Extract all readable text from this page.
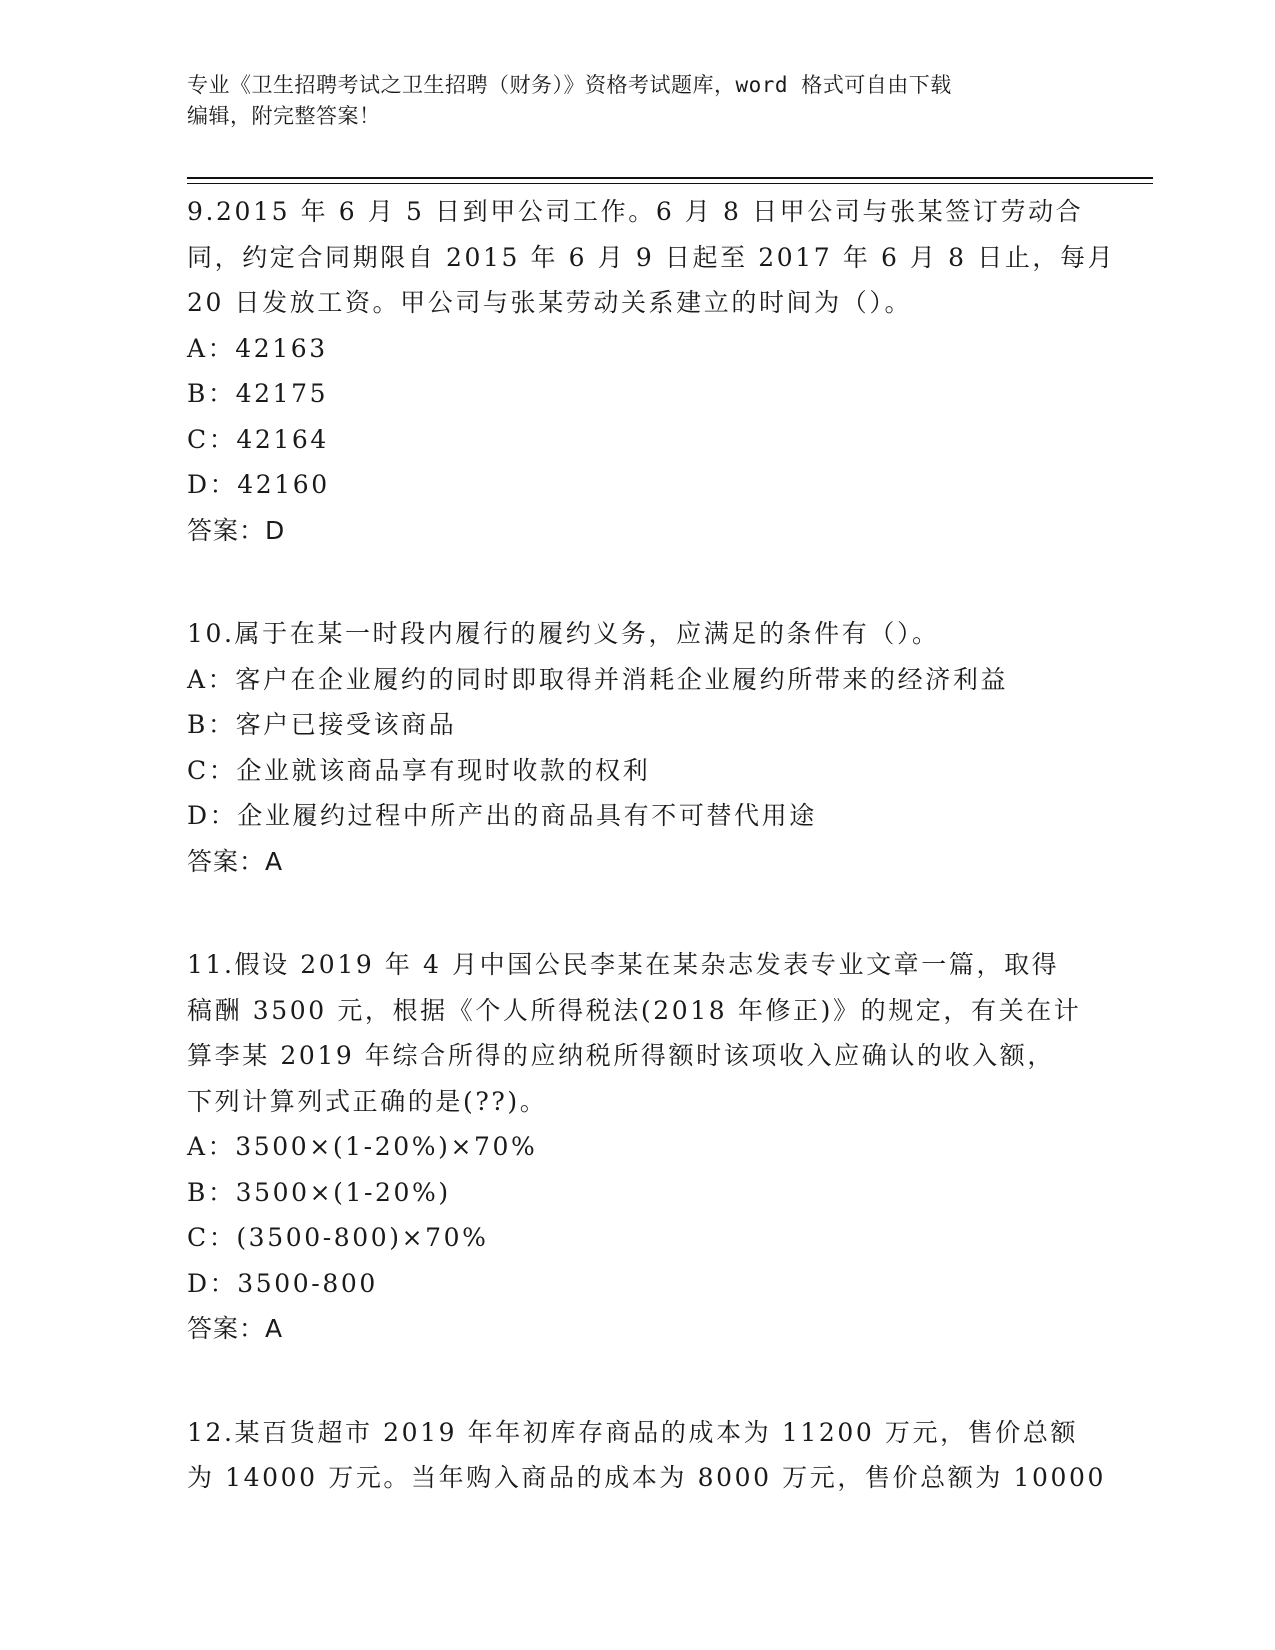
专业《卫生招聘考试之卫生招聘（财务）》资格考试题库，word 格式可自由下载
编辑，附完整答案！
9.2015 年 6 月 5 日到甲公司工作。6 月 8 日甲公司与张某签订劳动合
同，约定合同期限自 2015 年 6 月 9 日起至 2017 年 6 月 8 日止，每月
20 日发放工资。甲公司与张某劳动关系建立的时间为（）。
A：42163
B：42175
C：42164
D：42160
答案：D
10.属于在某一时段内履行的履约义务，应满足的条件有（）。
A：客户在企业履约的同时即取得并消耗企业履约所带来的经济利益
B：客户已接受该商品
C：企业就该商品享有现时收款的权利
D：企业履约过程中所产出的商品具有不可替代用途
答案：A
11.假设 2019 年 4 月中国公民李某在某杂志发表专业文章一篇，取得
稿酬 3500 元，根据《个人所得税法(2018 年修正)》的规定，有关在计
算李某 2019 年综合所得的应纳税所得额时该项收入应确认的收入额，
下列计算列式正确的是(??)。
A：3500×(1-20%)×70%
B：3500×(1-20%)
C：(3500-800)×70%
D：3500-800
答案：A
12.某百货超市 2019 年年初库存商品的成本为 11200 万元，售价总额
为 14000 万元。当年购入商品的成本为 8000 万元，售价总额为 10000
